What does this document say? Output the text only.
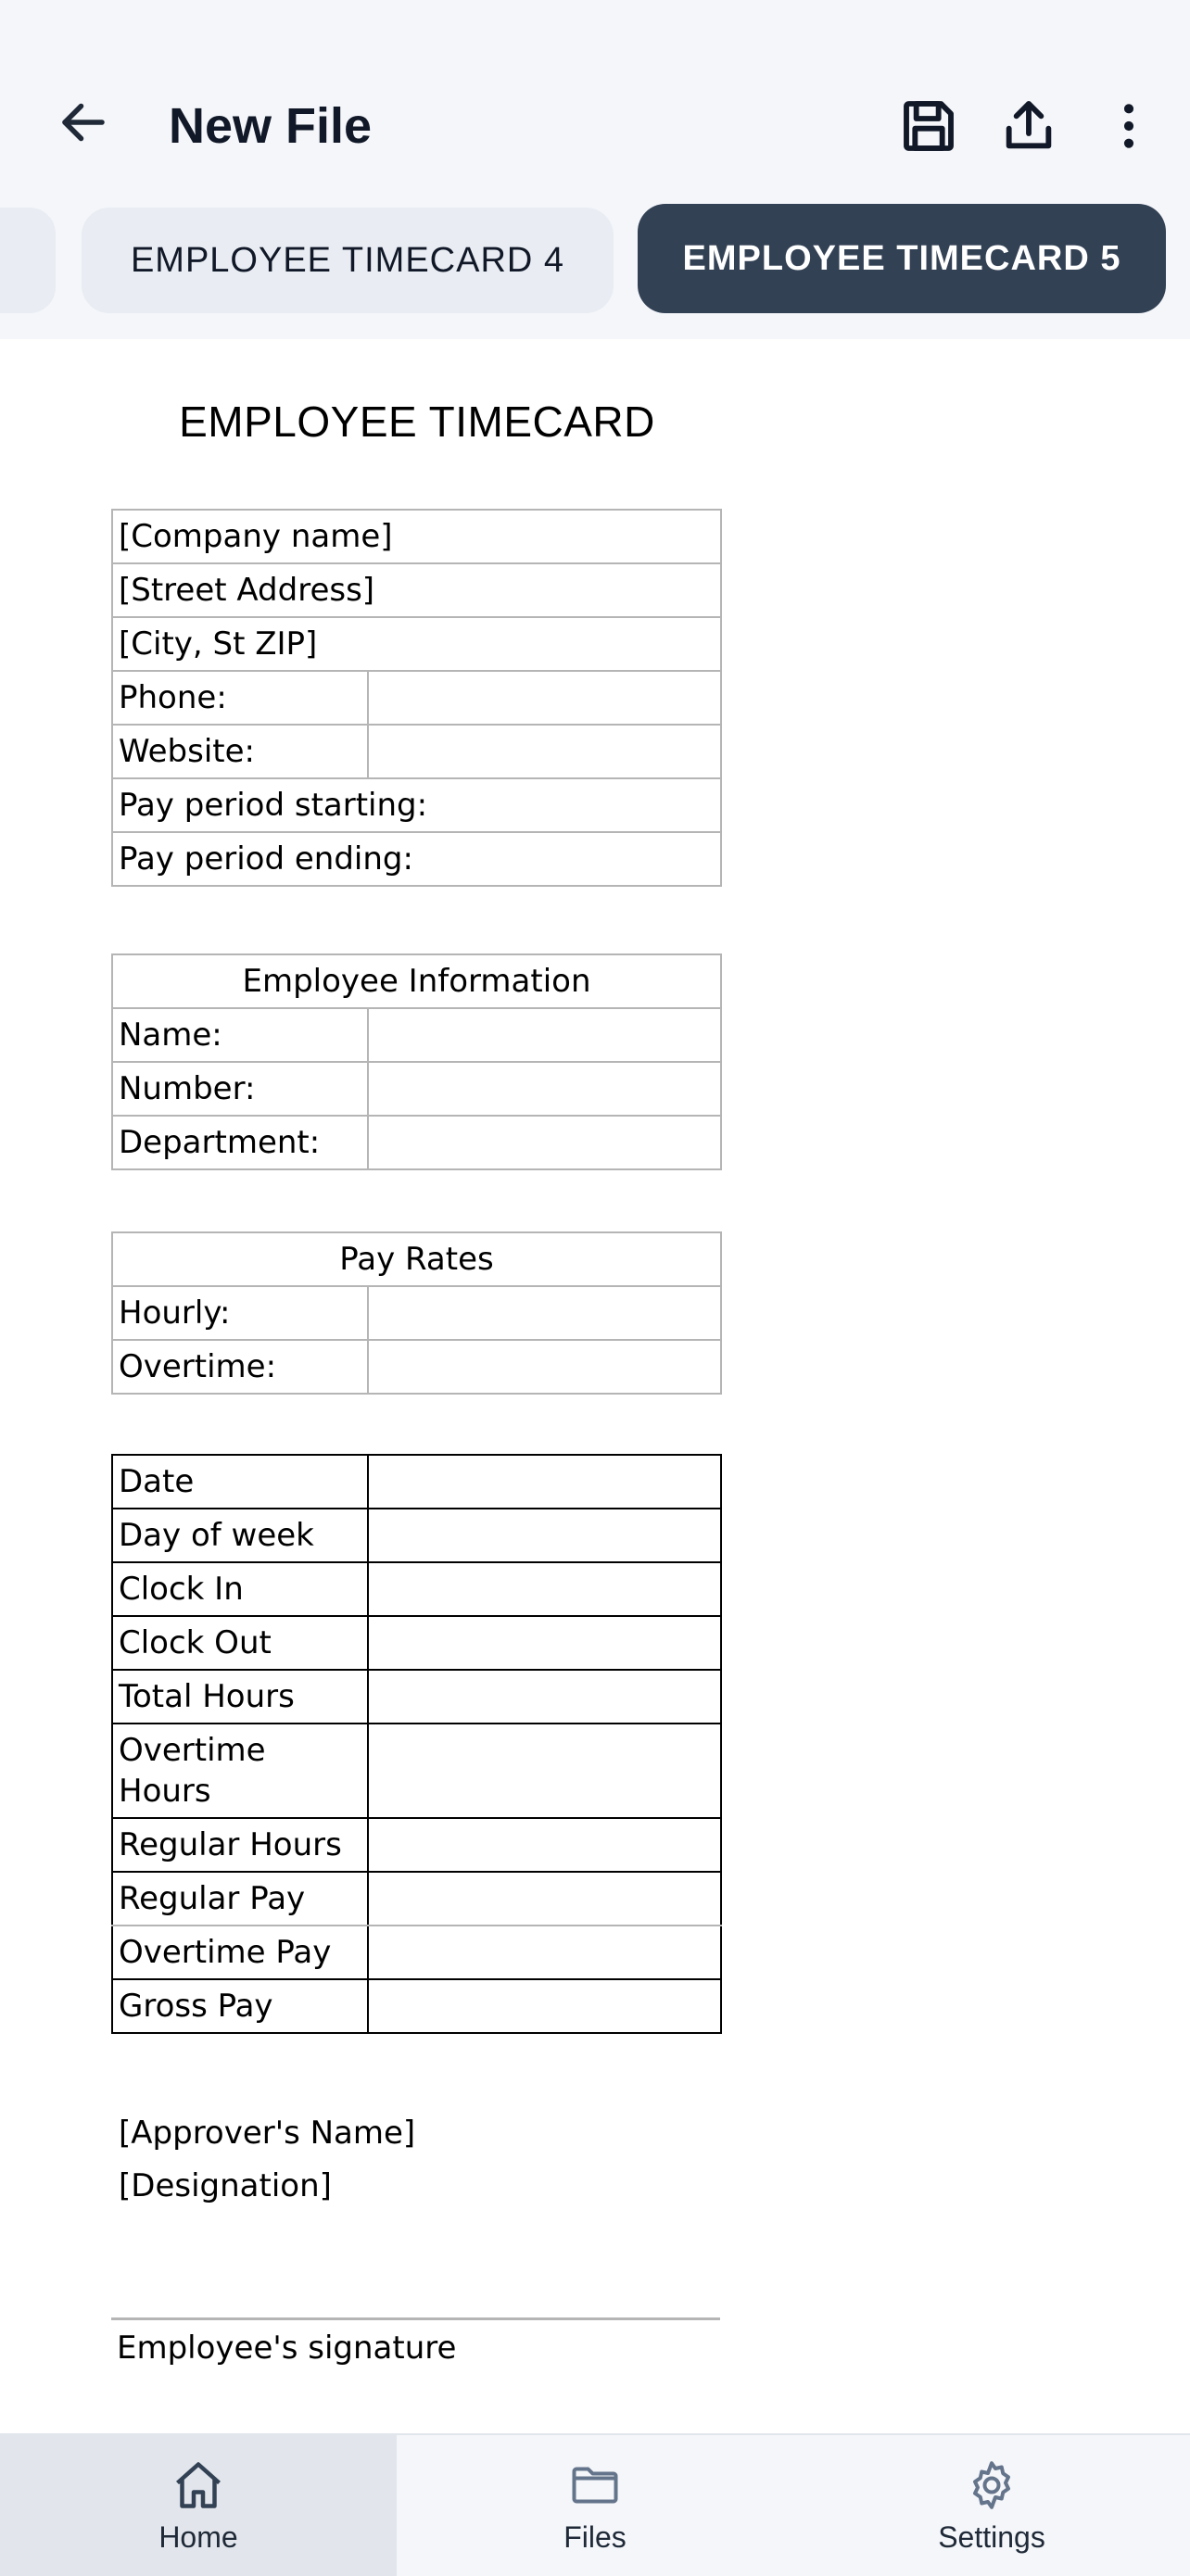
New File
EMPLOYEE TIMECARD 4	EMPLOYEE TIMECARD 5
EMPLOYEE TIMECARD
[Company name]	
[Street Address]	
[City, St ZIP]	
Phone:	
Website:	
Pay period starting:	
Pay period ending:	
Employee Information	
Name:	
Number:	
Department:	
Pay Rates	
Hourly:	
Overtime:	
Date	
Day of week	
Clock In	
Clock Out	
Total Hours	
Overtime Hours	
Regular Hours	
Regular Pay	
Overtime Pay	
Gross Pay	
[Approver's Name]
[Designation]
Employee's signature
Home	Files	Settings
